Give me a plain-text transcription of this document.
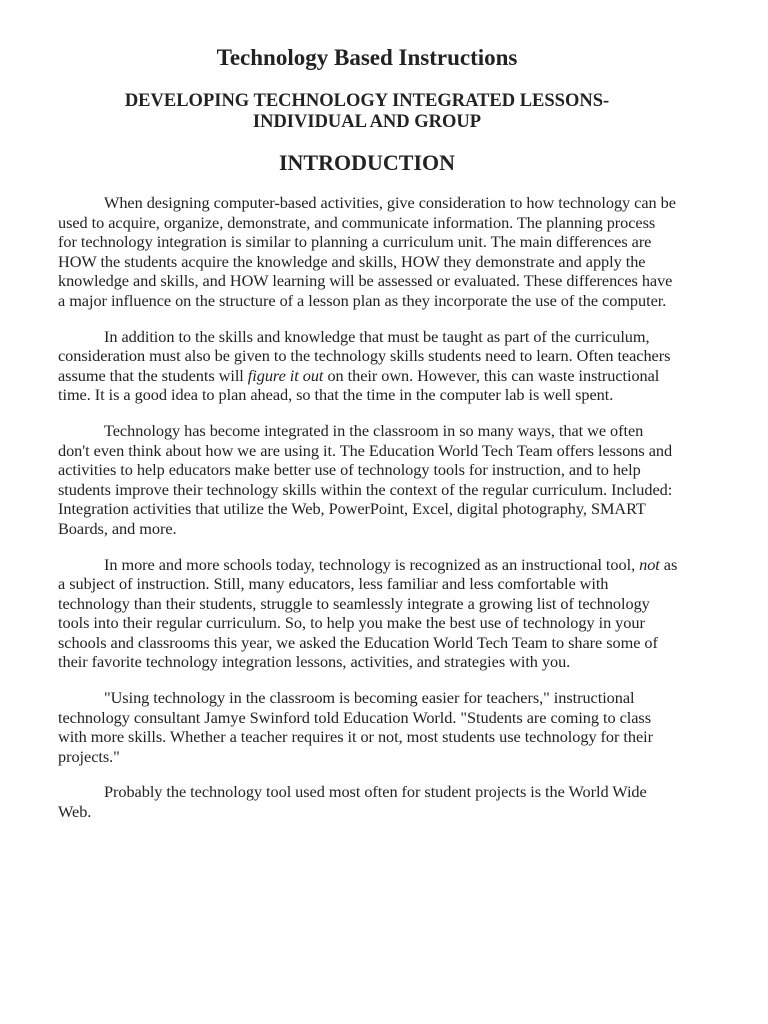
Technology Based Instructions
DEVELOPING TECHNOLOGY INTEGRATED LESSONS-
INDIVIDUAL AND GROUP
INTRODUCTION

When designing computer-based activities, give consideration to how technology can be used to acquire, organize, demonstrate, and communicate information. The planning process for technology integration is similar to planning a curriculum unit. The main differences are HOW the students acquire the knowledge and skills, HOW they demonstrate and apply the knowledge and skills, and HOW learning will be assessed or evaluated. These differences have a major influence on the structure of a lesson plan as they incorporate the use of the computer.

In addition to the skills and knowledge that must be taught as part of the curriculum, consideration must also be given to the technology skills students need to learn. Often teachers assume that the students will figure it out on their own. However, this can waste instructional time. It is a good idea to plan ahead, so that the time in the computer lab is well spent.

Technology has become integrated in the classroom in so many ways, that we often don't even think about how we are using it. The Education World Tech Team offers lessons and activities to help educators make better use of technology tools for instruction, and to help students improve their technology skills within the context of the regular curriculum. Included: Integration activities that utilize the Web, PowerPoint, Excel, digital photography, SMART Boards, and more.

In more and more schools today, technology is recognized as an instructional tool, not as a subject of instruction. Still, many educators, less familiar and less comfortable with technology than their students, struggle to seamlessly integrate a growing list of technology tools into their regular curriculum. So, to help you make the best use of technology in your schools and classrooms this year, we asked the Education World Tech Team to share some of their favorite technology integration lessons, activities, and strategies with you.

"Using technology in the classroom is becoming easier for teachers," instructional technology consultant Jamye Swinford told Education World. "Students are coming to class with more skills. Whether a teacher requires it or not, most students use technology for their projects."

Probably the technology tool used most often for student projects is the World Wide Web.
